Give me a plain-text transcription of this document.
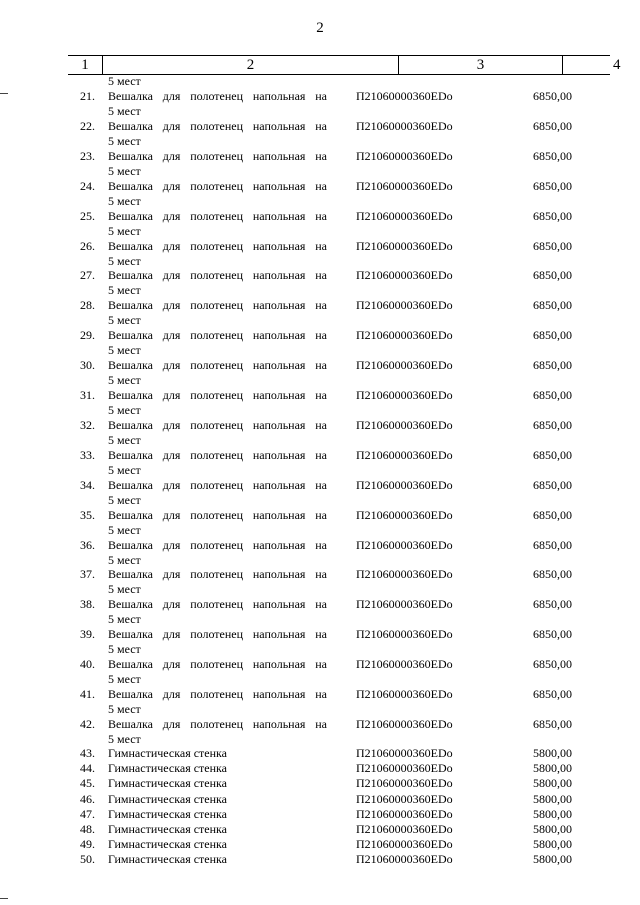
2
1	2	3	4
5 мест
21. Вешалка для полотенец напольная на
5 мест
П21060000360EDo	6850,00
22. Вешалка для полотенец напольная на
5 мест
П21060000360EDo	6850,00
23. Вешалка для полотенец напольная на
5 мест
П21060000360EDo	6850,00
24. Вешалка для полотенец напольная на
5 мест
П21060000360EDo	6850,00
25. Вешалка для полотенец напольная на
5 мест
П21060000360EDo	6850,00
26. Вешалка для полотенец напольная на
5 мест
П21060000360EDo	6850,00
27. Вешалка для полотенец напольная на
5 мест
П21060000360EDo	6850,00
28. Вешалка для полотенец напольная на
5 мест
П21060000360EDo	6850,00
29. Вешалка для полотенец напольная на
5 мест
П21060000360EDo	6850,00
30. Вешалка для полотенец напольная на
5 мест
П21060000360EDo	6850,00
31. Вешалка для полотенец напольная на
5 мест
П21060000360EDo	6850,00
32. Вешалка для полотенец напольная на
5 мест
П21060000360EDo	6850,00
33. Вешалка для полотенец напольная на
5 мест
П21060000360EDo	6850,00
34. Вешалка для полотенец напольная на
5 мест
П21060000360EDo	6850,00
35. Вешалка для полотенец напольная на
5 мест
П21060000360EDo	6850,00
36. Вешалка для полотенец напольная на
5 мест
П21060000360EDo	6850,00
37. Вешалка для полотенец напольная на
5 мест
П21060000360EDo	6850,00
38. Вешалка для полотенец напольная на
5 мест
П21060000360EDo	6850,00
39. Вешалка для полотенец напольная на
5 мест
П21060000360EDo	6850,00
40. Вешалка для полотенец напольная на
5 мест
П21060000360EDo	6850,00
41. Вешалка для полотенец напольная на
5 мест
П21060000360EDo	6850,00
42. Вешалка для полотенец напольная на
5 мест
П21060000360EDo	6850,00
43. Гимнастическая стенка	П21060000360EDo	5800,00
44. Гимнастическая стенка	П21060000360EDo	5800,00
45. Гимнастическая стенка	П21060000360EDo	5800,00
46. Гимнастическая стенка	П21060000360EDo	5800,00
47. Гимнастическая стенка	П21060000360EDo	5800,00
48. Гимнастическая стенка	П21060000360EDo	5800,00
49. Гимнастическая стенка	П21060000360EDo	5800,00
50. Гимнастическая стенка	П21060000360EDo	5800,00
